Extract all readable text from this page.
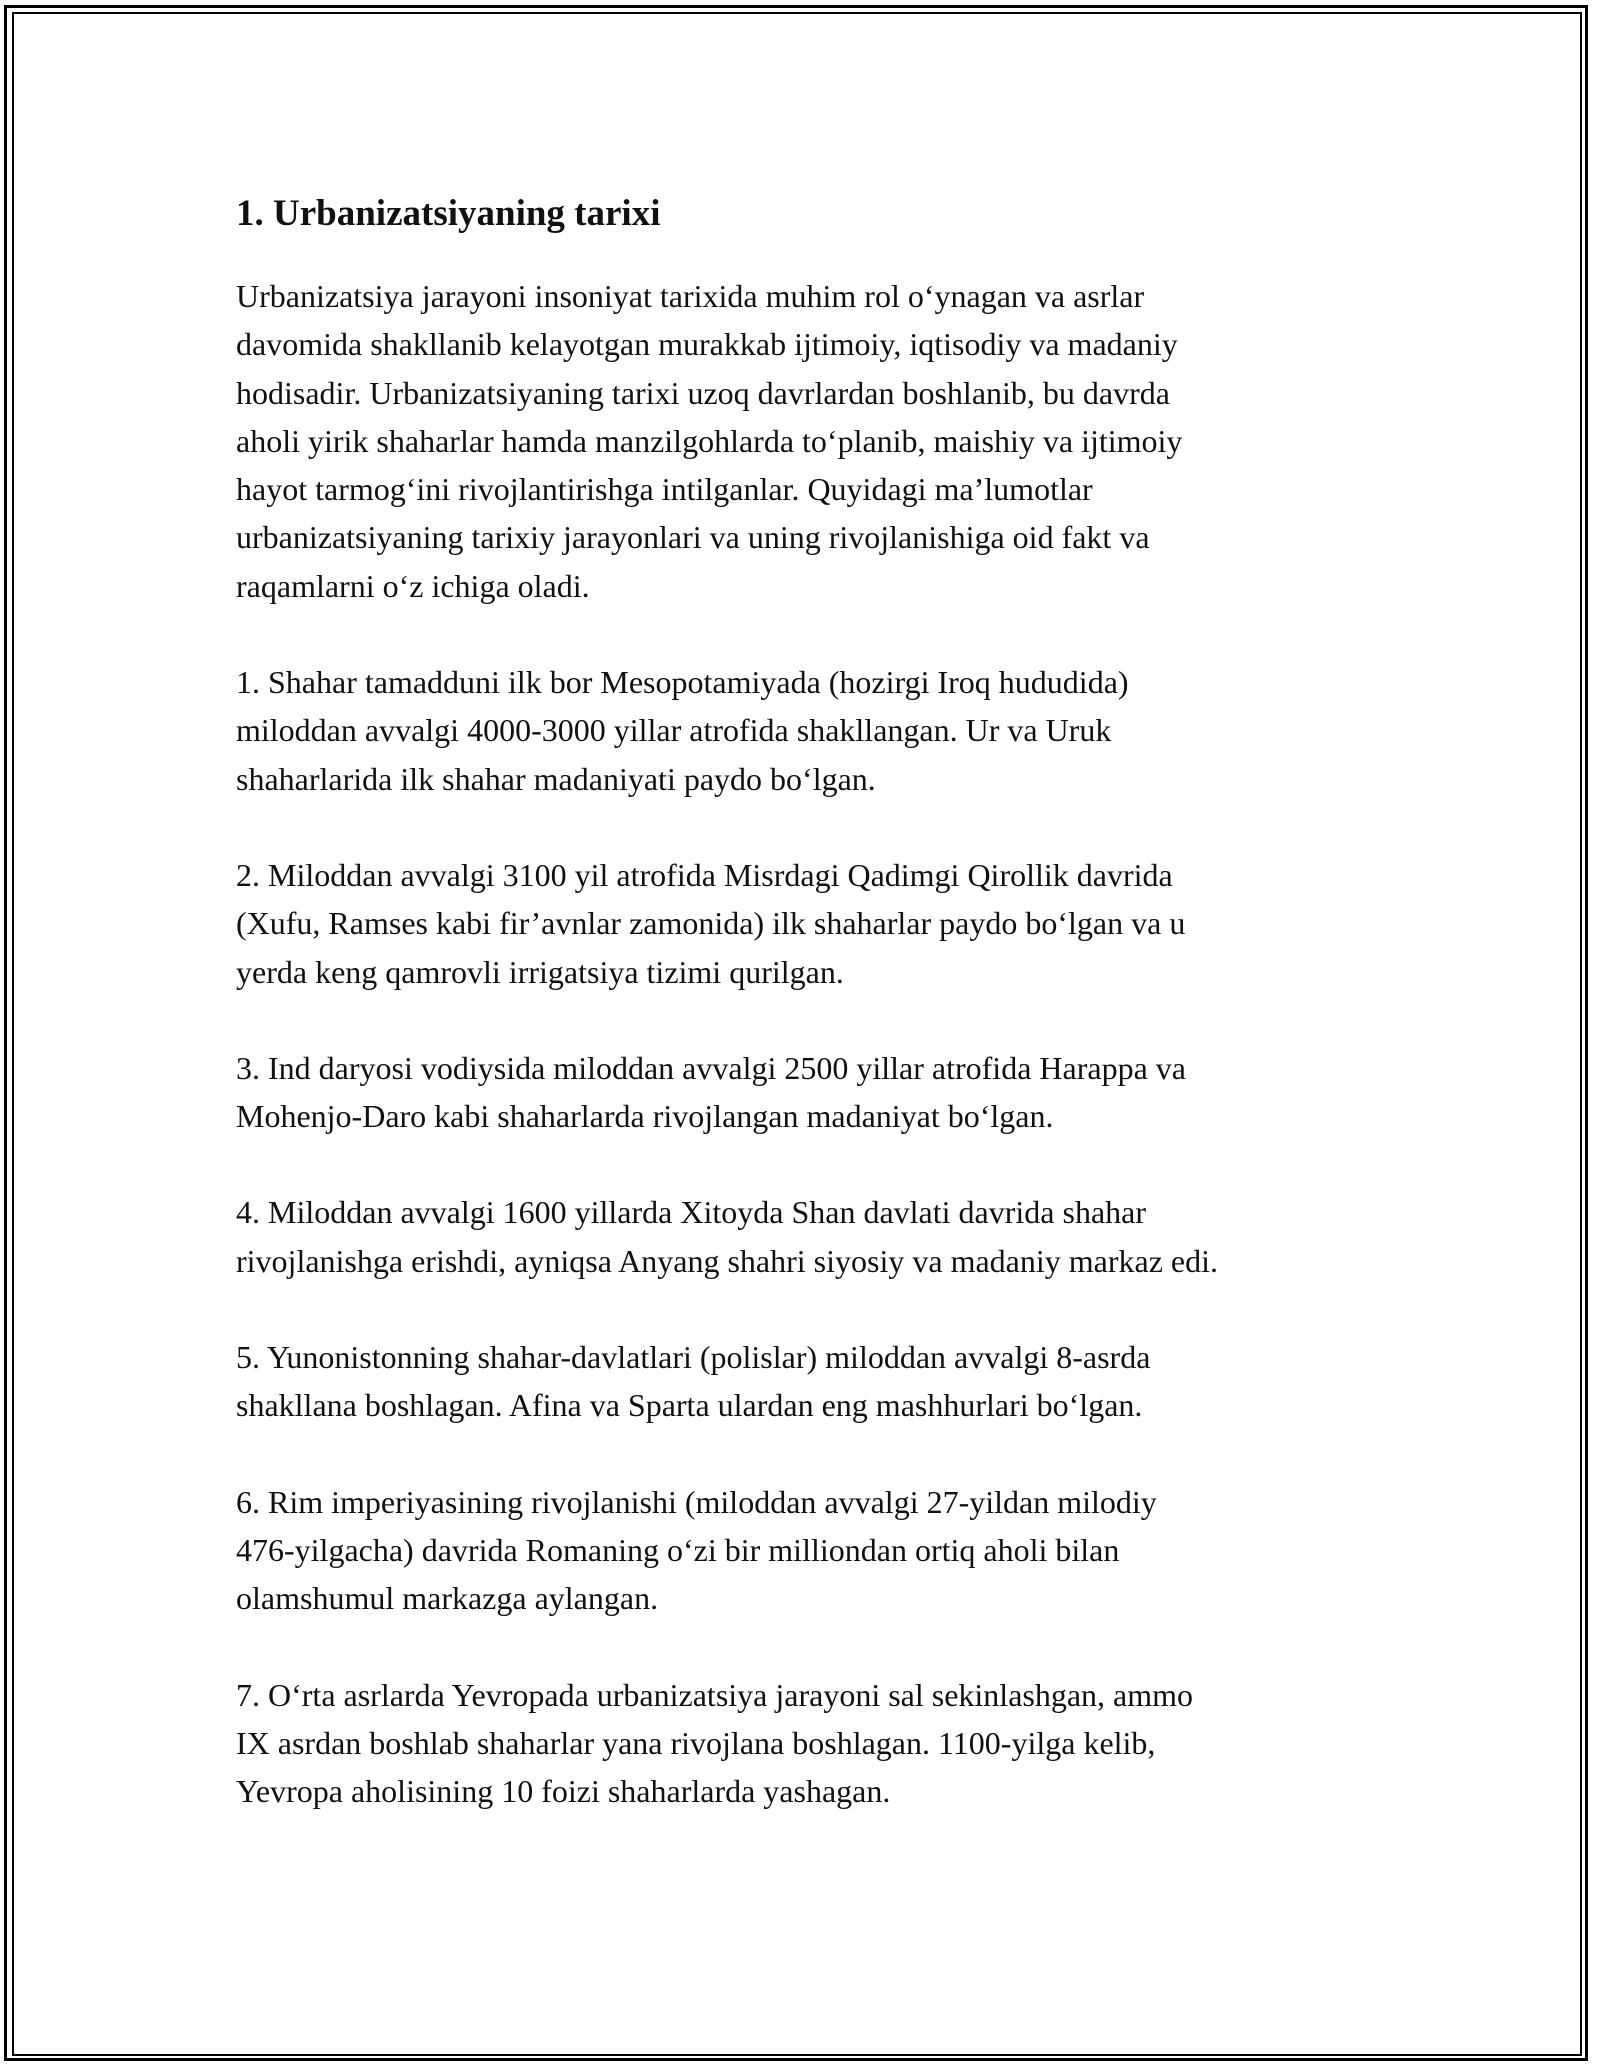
1. Urbanizatsiyaning tarixi

Urbanizatsiya jarayoni insoniyat tarixida muhim rol o‘ynagan va asrlar
davomida shakllanib kelayotgan murakkab ijtimoiy, iqtisodiy va madaniy
hodisadir. Urbanizatsiyaning tarixi uzoq davrlardan boshlanib, bu davrda
aholi yirik shaharlar hamda manzilgohlarda to‘planib, maishiy va ijtimoiy
hayot tarmog‘ini rivojlantirishga intilganlar. Quyidagi ma’lumotlar
urbanizatsiyaning tarixiy jarayonlari va uning rivojlanishiga oid fakt va
raqamlarni o‘z ichiga oladi.

1. Shahar tamadduni ilk bor Mesopotamiyada (hozirgi Iroq hududida)
miloddan avvalgi 4000-3000 yillar atrofida shakllangan. Ur va Uruk
shaharlarida ilk shahar madaniyati paydo bo‘lgan.

2. Miloddan avvalgi 3100 yil atrofida Misrdagi Qadimgi Qirollik davrida
(Xufu, Ramses kabi fir’avnlar zamonida) ilk shaharlar paydo bo‘lgan va u
yerda keng qamrovli irrigatsiya tizimi qurilgan.

3. Ind daryosi vodiysida miloddan avvalgi 2500 yillar atrofida Harappa va
Mohenjo-Daro kabi shaharlarda rivojlangan madaniyat bo‘lgan.

4. Miloddan avvalgi 1600 yillarda Xitoyda Shan davlati davrida shahar
rivojlanishga erishdi, ayniqsa Anyang shahri siyosiy va madaniy markaz edi.

5. Yunonistonning shahar-davlatlari (polislar) miloddan avvalgi 8-asrda
shakllana boshlagan. Afina va Sparta ulardan eng mashhurlari bo‘lgan.

6. Rim imperiyasining rivojlanishi (miloddan avvalgi 27-yildan milodiy
476-yilgacha) davrida Romaning o‘zi bir milliondan ortiq aholi bilan
olamshumul markazga aylangan.

7. O‘rta asrlarda Yevropada urbanizatsiya jarayoni sal sekinlashgan, ammo
IX asrdan boshlab shaharlar yana rivojlana boshlagan. 1100-yilga kelib,
Yevropa aholisining 10 foizi shaharlarda yashagan.
